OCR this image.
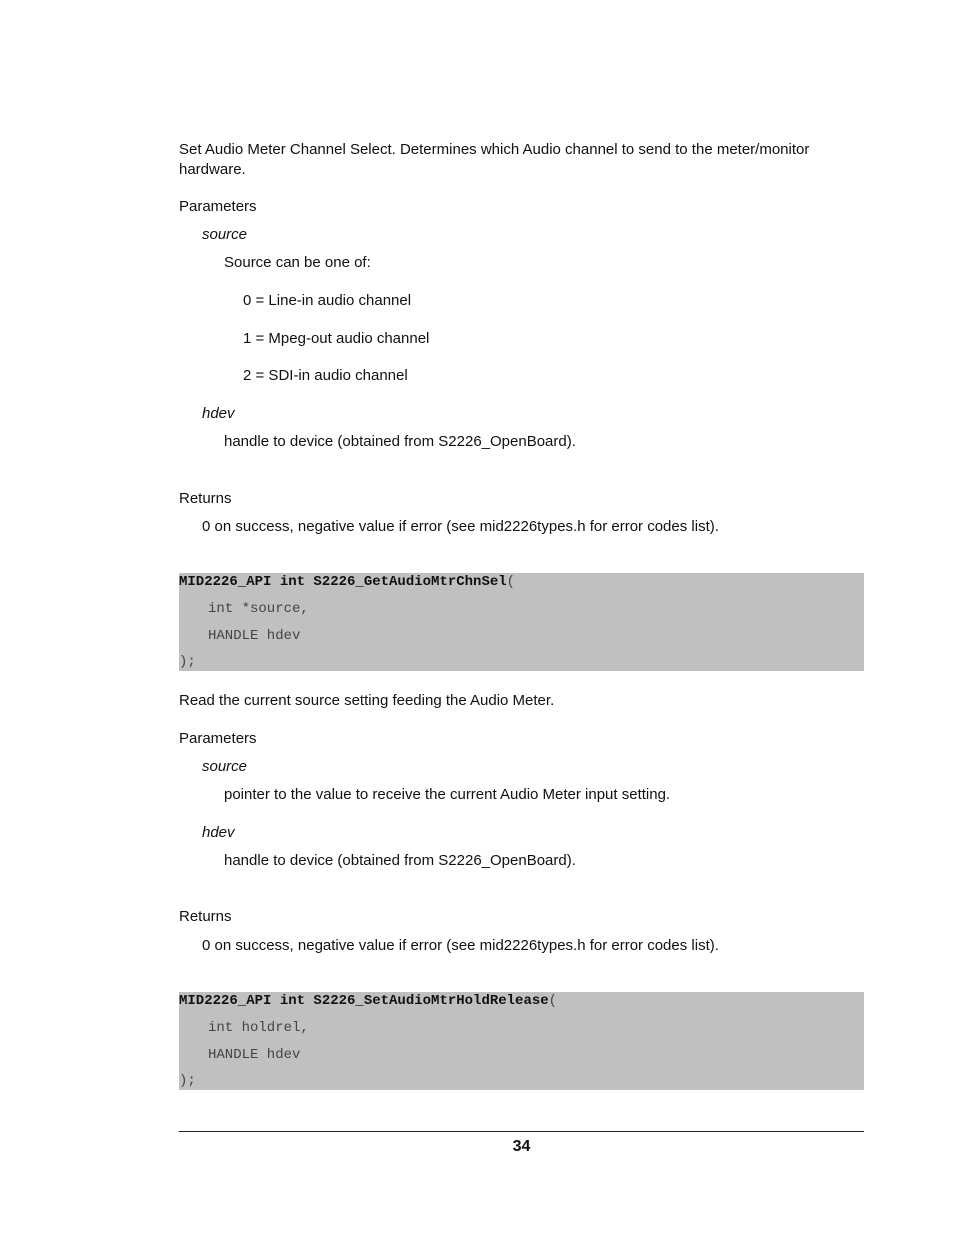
Set Audio Meter Channel Select. Determines which Audio channel to send to the meter/monitor hardware.
Parameters
source
Source can be one of:
0 = Line-in audio channel
1 = Mpeg-out audio channel
2 = SDI-in audio channel
hdev
handle to device (obtained from S2226_OpenBoard).
Returns
0 on success, negative value if error (see mid2226types.h for error codes list).
MID2226_API int S2226_GetAudioMtrChnSel(
int *source,
HANDLE hdev
);
Read the current source setting feeding the Audio Meter.
Parameters
source
pointer to the value to receive the current Audio Meter input setting.
hdev
handle to device (obtained from S2226_OpenBoard).
Returns
0 on success, negative value if error (see mid2226types.h for error codes list).
MID2226_API int S2226_SetAudioMtrHoldRelease(
int holdrel,
HANDLE hdev
);
34
